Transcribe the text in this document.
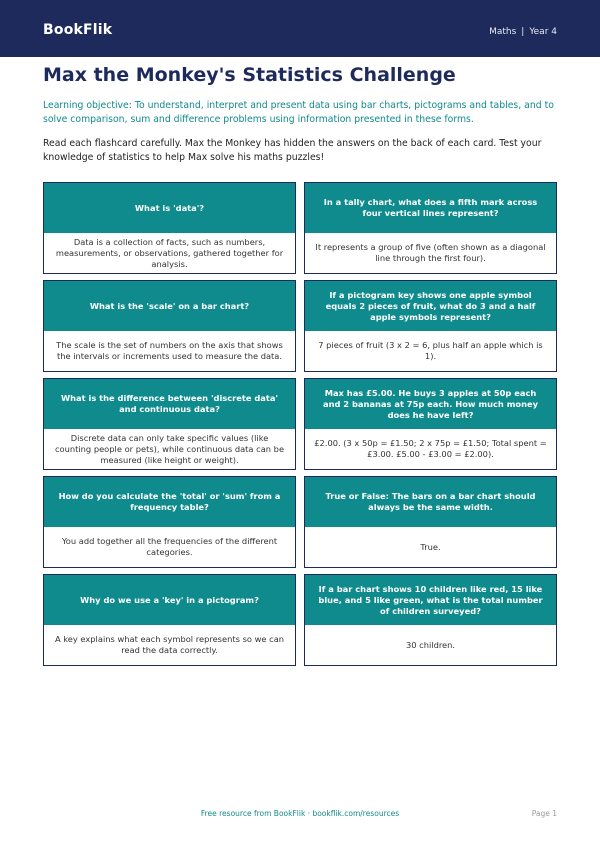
BookFlik	Maths | Year 4
Max the Monkey's Statistics Challenge

Learning objective: To understand, interpret and present data using bar charts, pictograms and tables, and to solve comparison, sum and difference problems using information presented in these forms.

Read each flashcard carefully. Max the Monkey has hidden the answers on the back of each card. Test your knowledge of statistics to help Max solve his maths puzzles!

What is 'data'?
Data is a collection of facts, such as numbers, measurements, or observations, gathered together for analysis.
In a tally chart, what does a fifth mark across four vertical lines represent?
It represents a group of five (often shown as a diagonal line through the first four).
What is the 'scale' on a bar chart?
The scale is the set of numbers on the axis that shows the intervals or increments used to measure the data.
If a pictogram key shows one apple symbol equals 2 pieces of fruit, what do 3 and a half apple symbols represent?
7 pieces of fruit (3 x 2 = 6, plus half an apple which is 1).
What is the difference between 'discrete data' and continuous data?
Discrete data can only take specific values (like counting people or pets), while continuous data can be measured (like height or weight).
Max has £5.00. He buys 3 apples at 50p each and 2 bananas at 75p each. How much money does he have left?
£2.00. (3 x 50p = £1.50; 2 x 75p = £1.50; Total spent = £3.00. £5.00 - £3.00 = £2.00).
How do you calculate the 'total' or 'sum' from a frequency table?
You add together all the frequencies of the different categories.
True or False: The bars on a bar chart should always be the same width.
True.
Why do we use a 'key' in a pictogram?
A key explains what each symbol represents so we can read the data correctly.
If a bar chart shows 10 children like red, 15 like blue, and 5 like green, what is the total number of children surveyed?
30 children.
Free resource from BookFlik · bookflik.com/resources	Page 1
